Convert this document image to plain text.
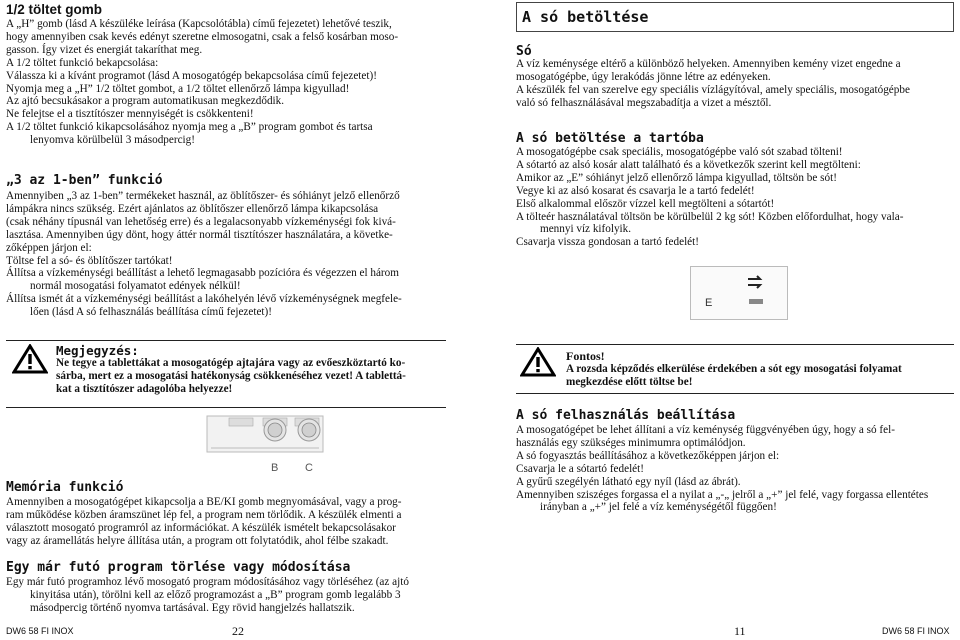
1/2 töltet gomb

A „H” gomb (lásd A készüléke leírása (Kapcsolótábla) című fejezetet) lehetővé teszik,

hogy amennyiben csak kevés edényt szeretne elmosogatni, csak a felső kosárban moso-

gasson. Így vizet és energiát takaríthat meg.

A 1/2 töltet funkció bekapcsolása:

Válassza ki a kívánt programot (lásd A mosogatógép bekapcsolása című fejezetet)!

Nyomja meg a „H” 1/2 töltet gombot, a 1/2 töltet ellenőrző lámpa kigyullad!

Az ajtó becsukásakor a program automatikusan megkezdődik.

Ne felejtse el a tisztítószer mennyiségét is csökkenteni!

A 1/2 töltet funkció kikapcsolásához nyomja meg a „B” program gombot és tartsa

lenyomva körülbelül 3 másodpercig!

„3 az 1-ben” funkció

Amennyiben „3 az 1-ben” termékeket használ, az öblítőszer- és sóhiányt jelző ellenőrző

lámpákra nincs szükség. Ezért ajánlatos az öblítőszer ellenőrző lámpa kikapcsolása

(csak néhány típusnál van lehetőség erre) és a legalacsonyabb vízkeménységi fok kivá-

lasztása. Amennyiben úgy dönt, hogy áttér normál tisztítószer használatára, a követke-

zőképpen járjon el:

Töltse fel a só- és öblítőszer tartókat!

Állítsa a vízkeménységi beállítást a lehető legmagasabb pozícióra és végezzen el három

normál mosogatási folyamatot edények nélkül!

Állítsa ismét át a vízkeménységi beállítást a lakóhelyén lévő vízkeménységnek megfele-

lően (lásd A só felhasználás beállítása című fejezetet)!

Megjegyzés:

Ne tegye a tablettákat a mosogatógép ajtajára vagy az evőeszköztartó ko-

sárba, mert ez a mosogatási hatékonyság csökkenéséhez vezet! A tablettá-

kat a tisztítószer adagolóba helyezze!

B C
Memória funkció

Amennyiben a mosogatógépet kikapcsolja a BE/KI gomb megnyomásával, vagy a prog-

ram működése közben áramszünet lép fel, a program nem törlődik. A készülék elmenti a

választott mosogató programról az információkat. A készülék ismételt bekapcsolásakor

vagy az áramellátás helyre állítása után, a program ott folytatódik, ahol félbe szakadt.

Egy már futó program törlése vagy módosítása

Egy már futó programhoz lévő mosogató program módosításához vagy törléséhez (az ajtó

kinyitása után), törölni kell az előző programozást a „B” program gomb legalább 3

másodpercig történő nyomva tartásával. Egy rövid hangjelzés hallatszik.

DW6 58 FI INOX	22
A só betöltése
Só

A víz keménysége eltérő a különböző helyeken. Amennyiben kemény vizet engedne a

mosogatógépbe, úgy lerakódás jönne létre az edényeken.

A készülék fel van szerelve egy speciális vízlágyítóval, amely speciális, mosogatógépbe

való só felhasználásával megszabadítja a vizet a mésztől.

A só betöltése a tartóba

A mosogatógépbe csak speciális, mosogatógépbe való sót szabad tölteni!

A sótartó az alsó kosár alatt található és a következők szerint kell megtölteni:

Amikor az „E” sóhiányt jelző ellenőrző lámpa kigyullad, töltsön be sót!

Vegye ki az alsó kosarat és csavarja le a tartó fedelét!

Első alkalommal először vízzel kell megtölteni a sótartót!

A tölteér használatával töltsön be körülbelül 2 kg sót! Közben előfordulhat, hogy vala-

mennyi víz kifolyik.

Csavarja vissza gondosan a tartó fedelét!

E
Fontos!

A rozsda képződés elkerülése érdekében a sót egy mosogatási folyamat

megkezdése előtt töltse be!

A só felhasználás beállítása

A mosogatógépet be lehet állítani a víz keménység függvényében úgy, hogy a só fel-

használás egy szükséges minimumra optimálódjon.

A só fogyasztás beállításához a következőképpen járjon el:

Csavarja le a sótartó fedelét!

A gyűrű szegélyén látható egy nyíl (lásd az ábrát).

Amennyiben sziszéges forgassa el a nyilat a „-„ jelről a „+” jel felé, vagy forgassa ellentétes

irányban a „+” jel felé a víz keménységétől függően!

11	DW6 58 FI INOX
